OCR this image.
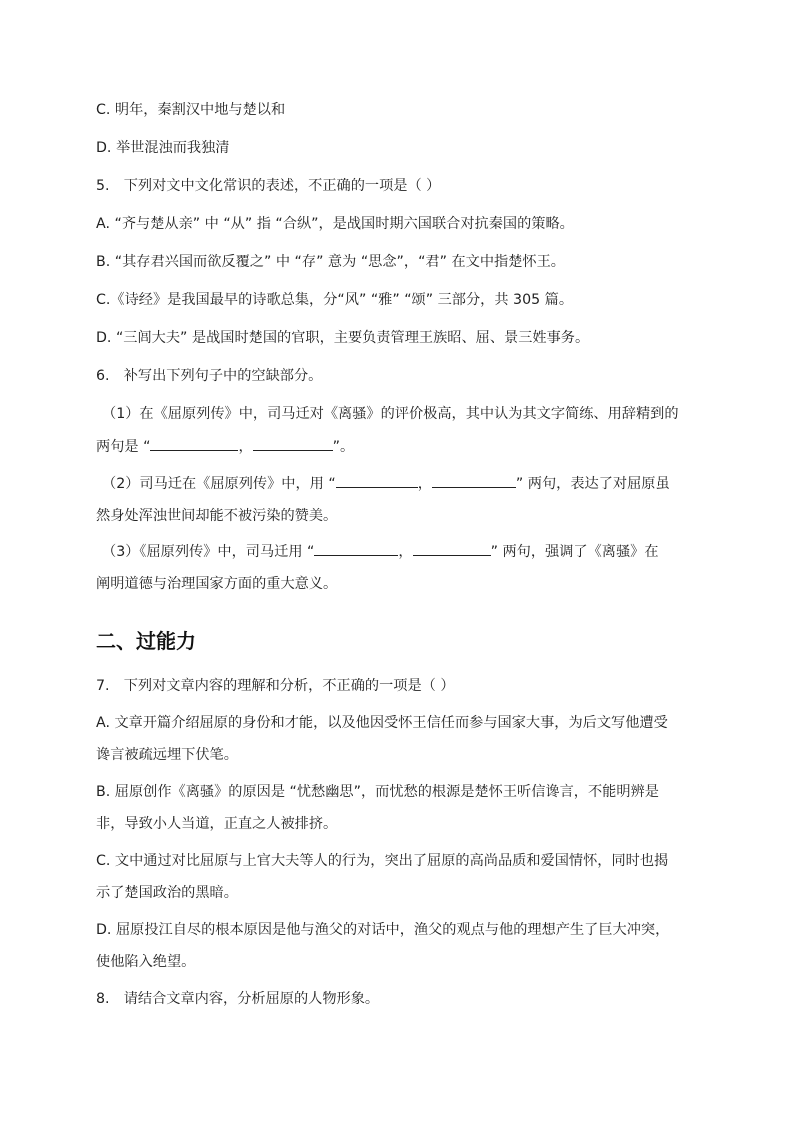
C. 明年，秦割汉中地与楚以和
D. 举世混浊而我独清
5.　下列对文中文化常识的表述，不正确的一项是（ ）
A. “齐与楚从亲” 中 “从” 指 “合纵”，是战国时期六国联合对抗秦国的策略。
B. “其存君兴国而欲反覆之” 中 “存” 意为 “思念”，“君” 在文中指楚怀王。
C.《诗经》是我国最早的诗歌总集，分“风” “雅” “颂” 三部分，共 305 篇。
D. “三闾大夫” 是战国时楚国的官职，主要负责管理王族昭、屈、景三姓事务。
6.　补写出下列句子中的空缺部分。
（1）在《屈原列传》中，司马迁对《离骚》的评价极高，其中认为其文字简练、用辞精到的
两句是 “	，	”。
（2）司马迁在《屈原列传》中，用 “	，	” 两句，表达了对屈原虽
然身处浑浊世间却能不被污染的赞美。
（3）《屈原列传》中，司马迁用 “	，	” 两句，强调了《离骚》在
阐明道德与治理国家方面的重大意义。
二、过能力
7.　下列对文章内容的理解和分析，不正确的一项是（ ）
A. 文章开篇介绍屈原的身份和才能，以及他因受怀王信任而参与国家大事，为后文写他遭受
谗言被疏远埋下伏笔。
B. 屈原创作《离骚》的原因是 “忧愁幽思”，而忧愁的根源是楚怀王听信谗言，不能明辨是
非，导致小人当道，正直之人被排挤。
C. 文中通过对比屈原与上官大夫等人的行为，突出了屈原的高尚品质和爱国情怀，同时也揭
示了楚国政治的黑暗。
D. 屈原投江自尽的根本原因是他与渔父的对话中，渔父的观点与他的理想产生了巨大冲突，
使他陷入绝望。
8.　请结合文章内容，分析屈原的人物形象。
